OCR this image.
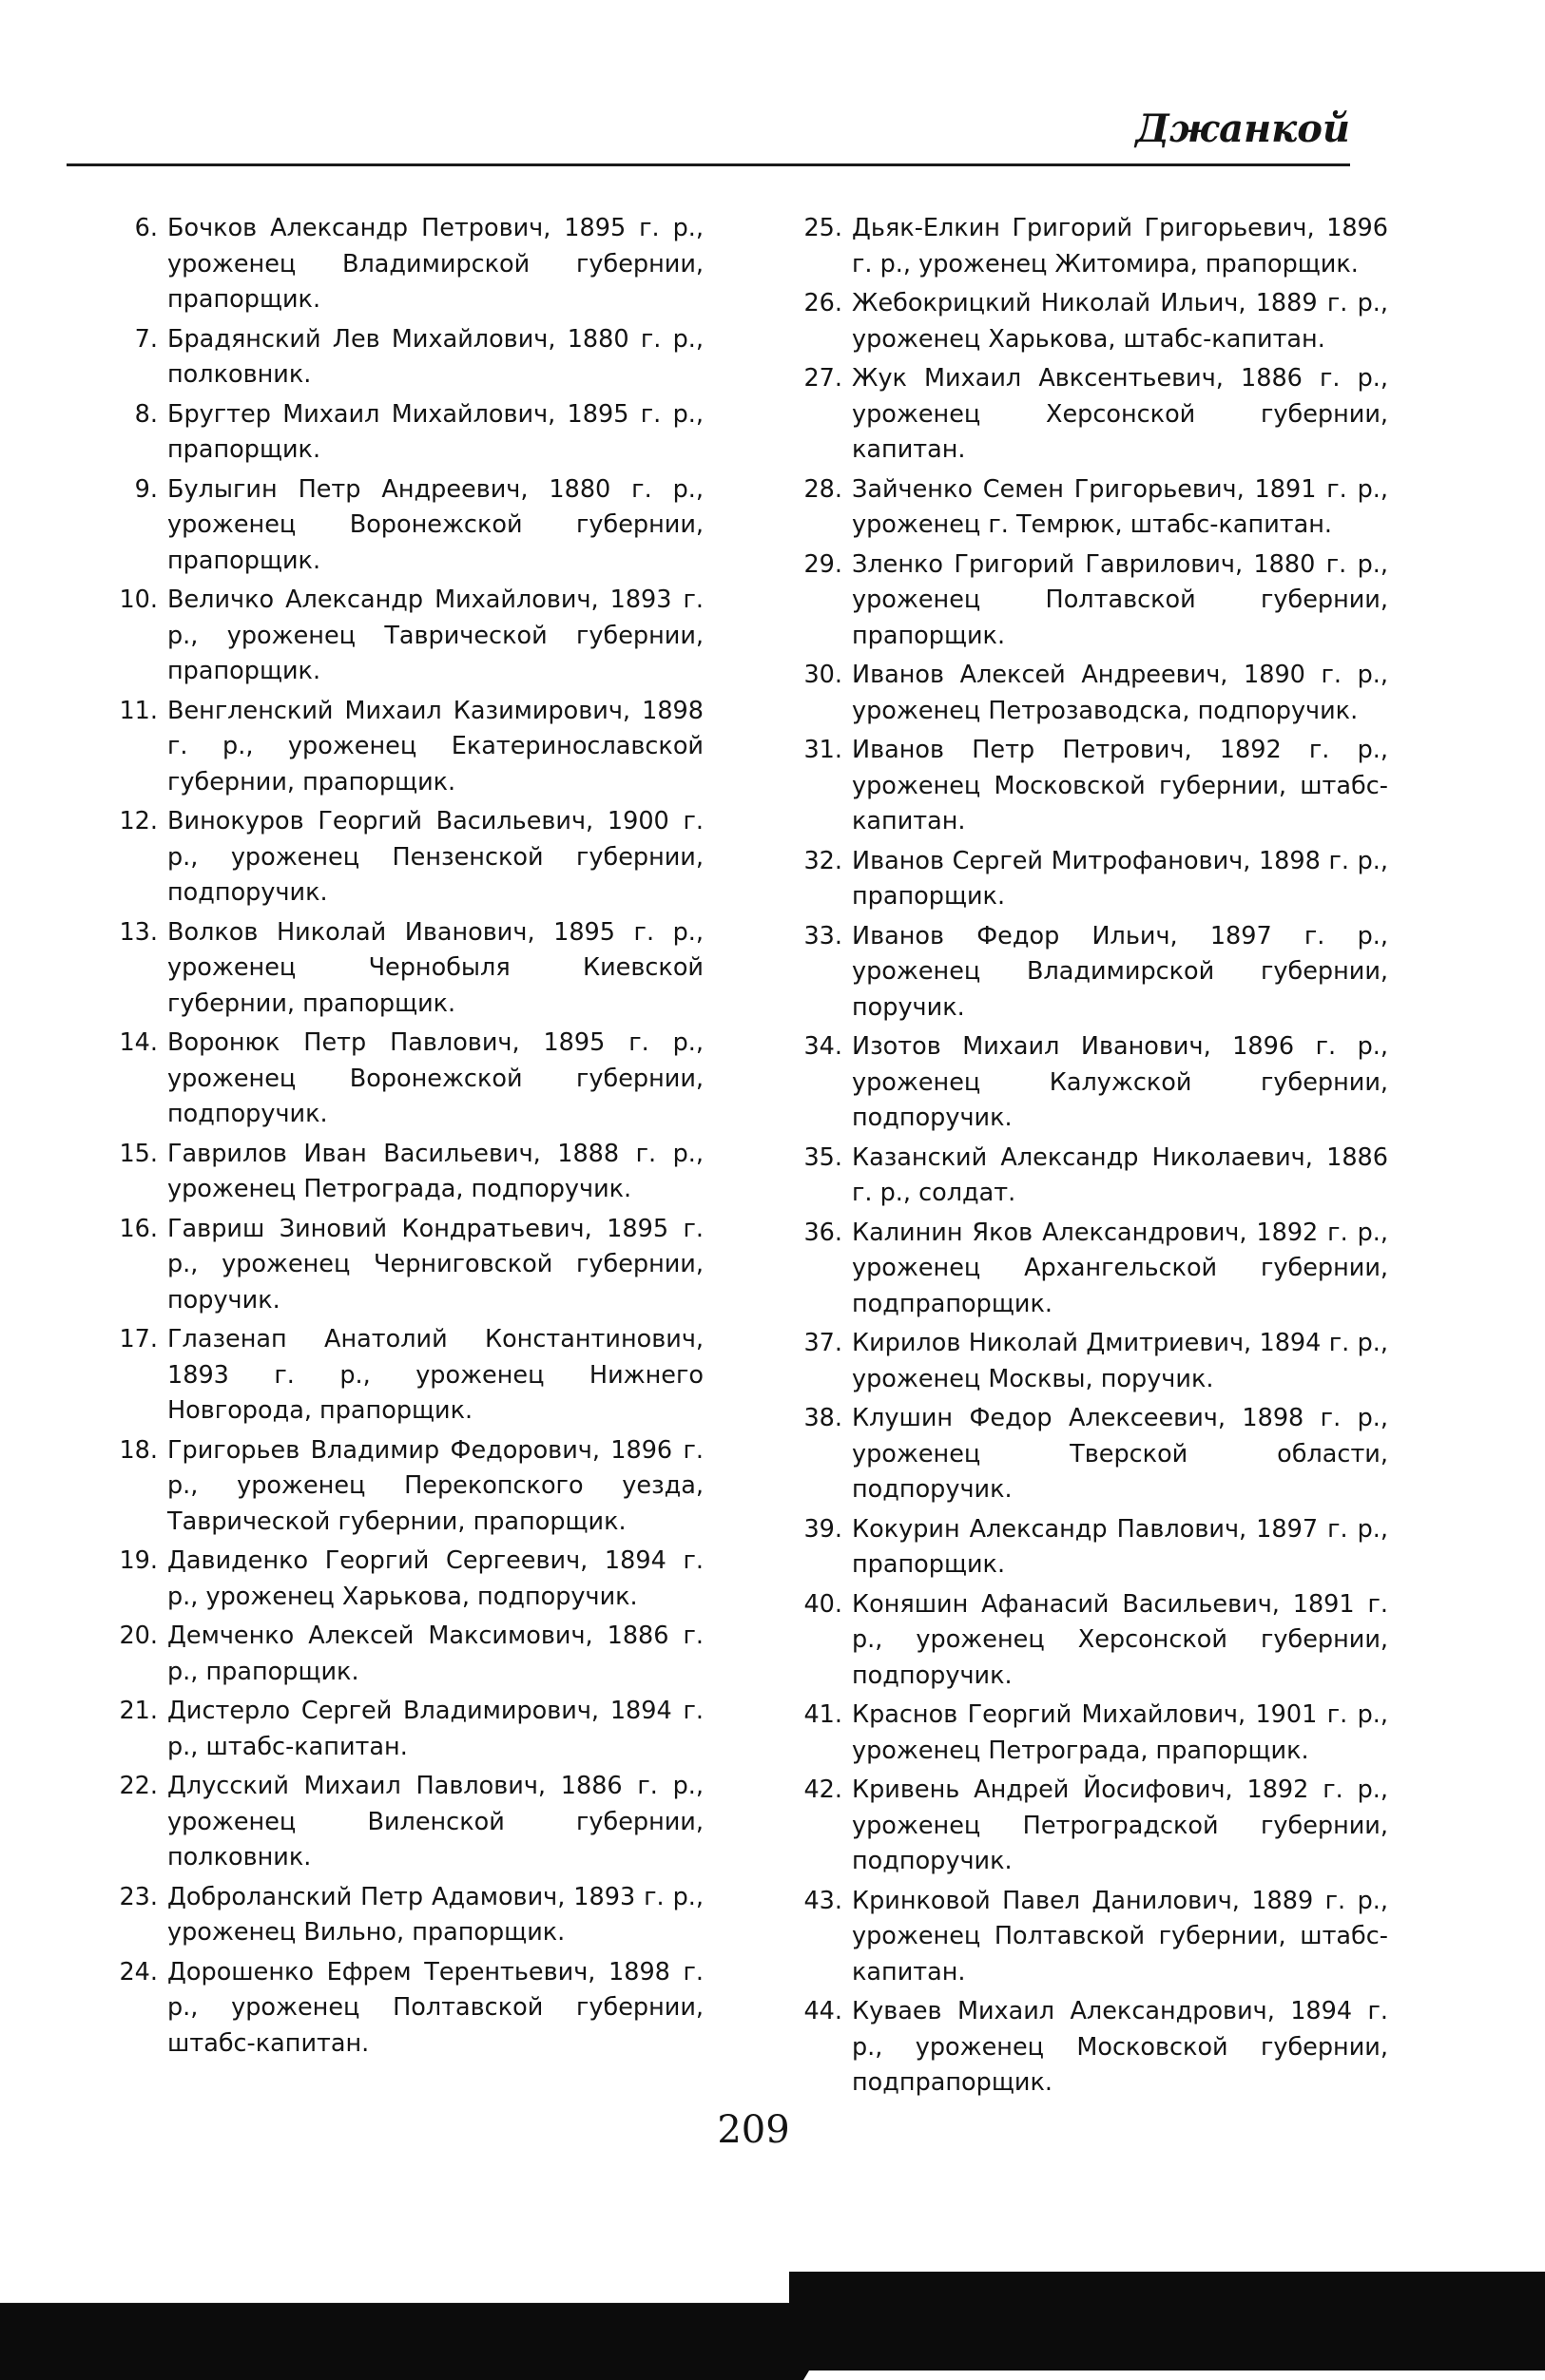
Джанкой
6. Бочков Александр Петрович, 1895 г. р., уроженец Владимирской губернии, прапорщик.
7. Брадянский Лев Михайлович, 1880 г. р., полковник.
8. Бругтер Михаил Михайлович, 1895 г. р., прапорщик.
9. Булыгин Петр Андреевич, 1880 г. р., уроженец Воронежской губернии, прапорщик.
10. Величко Александр Михайлович, 1893 г. р., уроженец Таврической губернии, прапорщик.
11. Венгленский Михаил Казимирович, 1898 г. р., уроженец Екатеринославской губернии, прапорщик.
12. Винокуров Георгий Васильевич, 1900 г. р., уроженец Пензенской губернии, подпоручик.
13. Волков Николай Иванович, 1895 г. р., уроженец Чернобыля Киевской губернии, прапорщик.
14. Воронюк Петр Павлович, 1895 г. р., уроженец Воронежской губернии, подпоручик.
15. Гаврилов Иван Васильевич, 1888 г. р., уроженец Петрограда, подпоручик.
16. Гавриш Зиновий Кондратьевич, 1895 г. р., уроженец Черниговской губернии, поручик.
17. Глазенап Анатолий Константинович, 1893 г. р., уроженец Нижнего Новгорода, прапорщик.
18. Григорьев Владимир Федорович, 1896 г. р., уроженец Перекопского уезда, Таврической губернии, прапорщик.
19. Давиденко Георгий Сергеевич, 1894 г. р., уроженец Харькова, подпоручик.
20. Демченко Алексей Максимович, 1886 г. р., прапорщик.
21. Дистерло Сергей Владимирович, 1894 г. р., штабс-капитан.
22. Длусский Михаил Павлович, 1886 г. р., уроженец Виленской губернии, полковник.
23. Доброланский Петр Адамович, 1893 г. р., уроженец Вильно, прапорщик.
24. Дорошенко Ефрем Терентьевич, 1898 г. р., уроженец Полтавской губернии, штабс-капитан.
25. Дьяк-Елкин Григорий Григорьевич, 1896 г. р., уроженец Житомира, прапорщик.
26. Жебокрицкий Николай Ильич, 1889 г. р., уроженец Харькова, штабс-капитан.
27. Жук Михаил Авксентьевич, 1886 г. р., уроженец Херсонской губернии, капитан.
28. Зайченко Семен Григорьевич, 1891 г. р., уроженец г. Темрюк, штабс-капитан.
29. Зленко Григорий Гаврилович, 1880 г. р., уроженец Полтавской губернии, прапорщик.
30. Иванов Алексей Андреевич, 1890 г. р., уроженец Петрозаводска, подпоручик.
31. Иванов Петр Петрович, 1892 г. р., уроженец Московской губернии, штабс-капитан.
32. Иванов Сергей Митрофанович, 1898 г. р., прапорщик.
33. Иванов Федор Ильич, 1897 г. р., уроженец Владимирской губернии, поручик.
34. Изотов Михаил Иванович, 1896 г. р., уроженец Калужской губернии, подпоручик.
35. Казанский Александр Николаевич, 1886 г. р., солдат.
36. Калинин Яков Александрович, 1892 г. р., уроженец Архангельской губернии, подпрапорщик.
37. Кирилов Николай Дмитриевич, 1894 г. р., уроженец Москвы, поручик.
38. Клушин Федор Алексеевич, 1898 г. р., уроженец Тверской области, подпоручик.
39. Кокурин Александр Павлович, 1897 г. р., прапорщик.
40. Коняшин Афанасий Васильевич, 1891 г. р., уроженец Херсонской губернии, подпоручик.
41. Краснов Георгий Михайлович, 1901 г. р., уроженец Петрограда, прапорщик.
42. Кривень Андрей Йосифович, 1892 г. р., уроженец Петроградской губернии, подпоручик.
43. Кринковой Павел Данилович, 1889 г. р., уроженец Полтавской губернии, штабс-капитан.
44. Куваев Михаил Александрович, 1894 г. р., уроженец Московской губернии, подпрапорщик.
209
